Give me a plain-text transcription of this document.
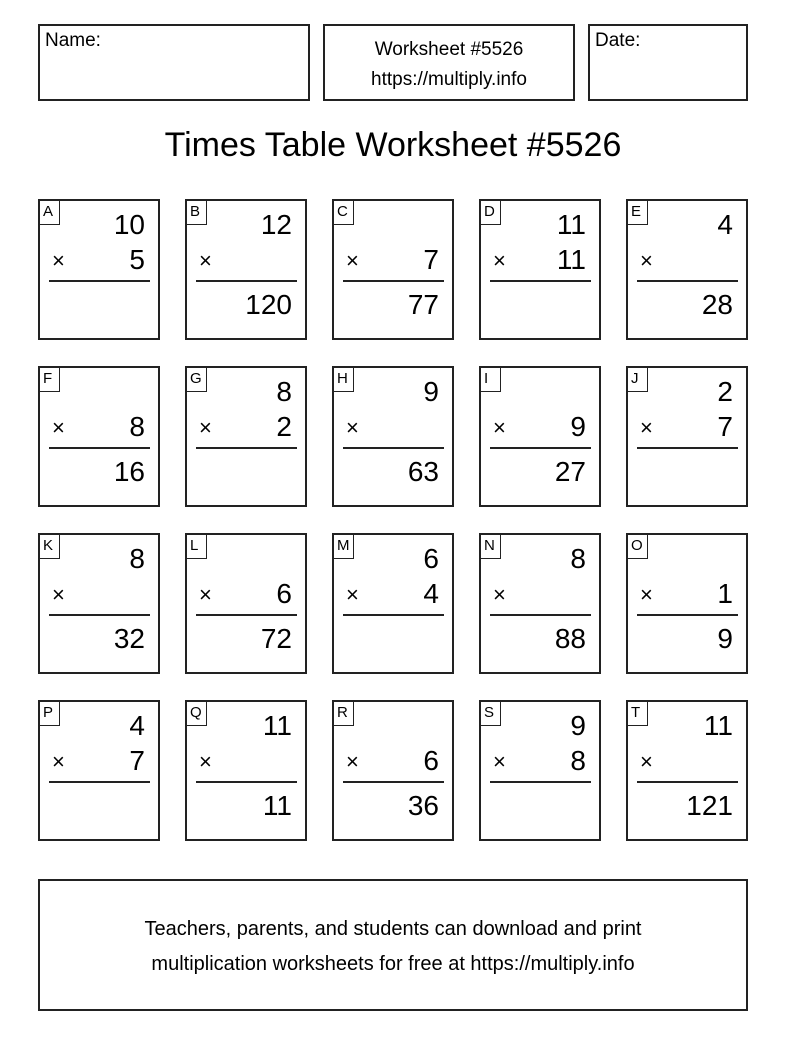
Name:	Worksheet #5526
https://multiply.info
Date:
Times Table Worksheet #5526
A 10
× 5
B 12
×
120
C
× 7
77
D 11
× 11
E	4
×
28
F
× 8
16
G	8
× 2
H	9
×
63
I
× 9
27
J	2
× 7
K	8
×
32
L
× 6
72
M	6
× 4
N	8
×
88
O
× 1
9
P	4
× 7
Q 11
×
11
R
× 6
36
S	9
× 8
T 11
×
121
Teachers, parents, and students can download and print
multiplication worksheets for free at https://multiply.info
